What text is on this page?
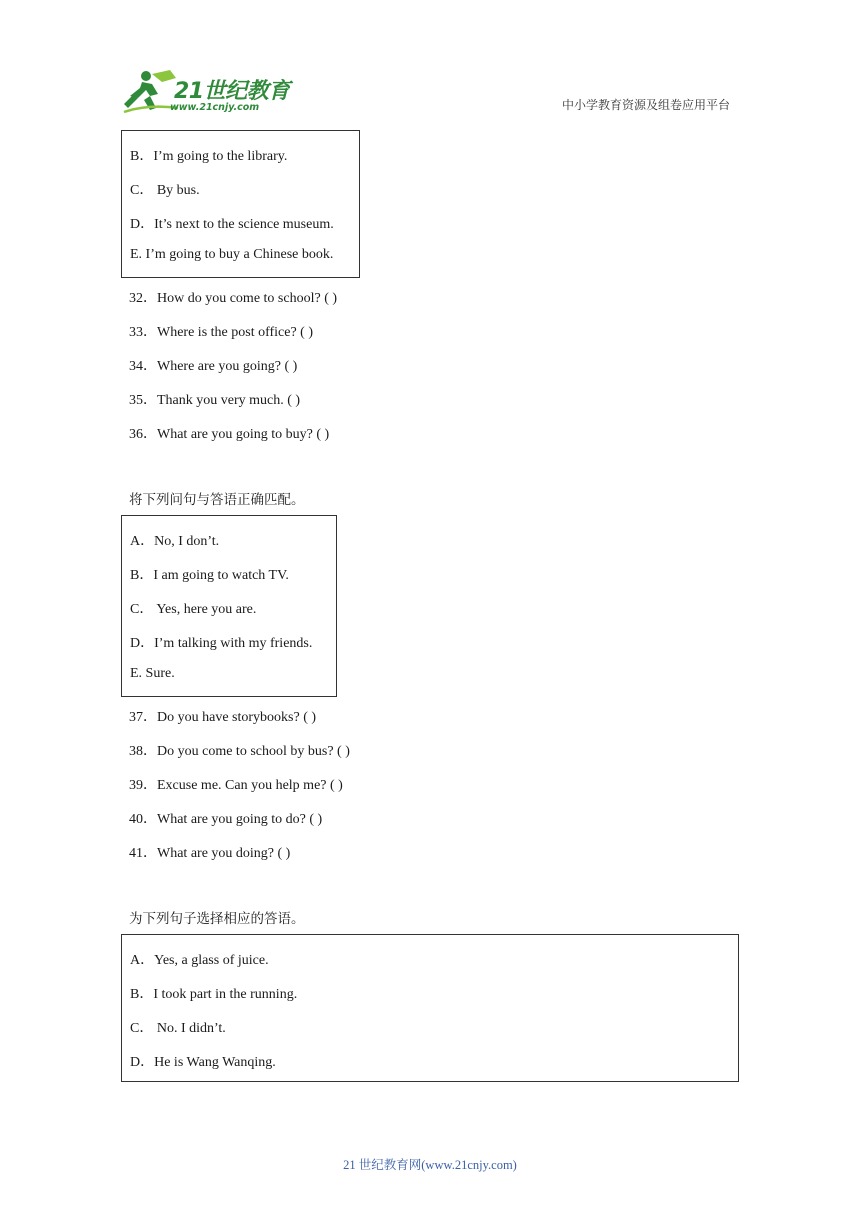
21世纪教育
www.21cnjy.com	中小学教育资源及组卷应用平台
B．I’m going to the library.
C． By bus.
D．It’s next to the science museum.
E. I’m going to buy a Chinese book.
32．How do you come to school? ( )
33．Where is the post office? ( )
34．Where are you going? ( )
35．Thank you very much. ( )
36．What are you going to buy? ( )
将下列问句与答语正确匹配。
A．No, I don’t.
B．I am going to watch TV.
C． Yes, here you are.
D．I’m talking with my friends.
E. Sure.
37．Do you have storybooks? ( )
38．Do you come to school by bus? ( )
39．Excuse me. Can you help me? ( )
40．What are you going to do? ( )
41．What are you doing? ( )
为下列句子选择相应的答语。
A．Yes, a glass of juice.
B．I took part in the running.
C． No. I didn’t.
D．He is Wang Wanqing.
21 世纪教育网(www.21cnjy.com)
